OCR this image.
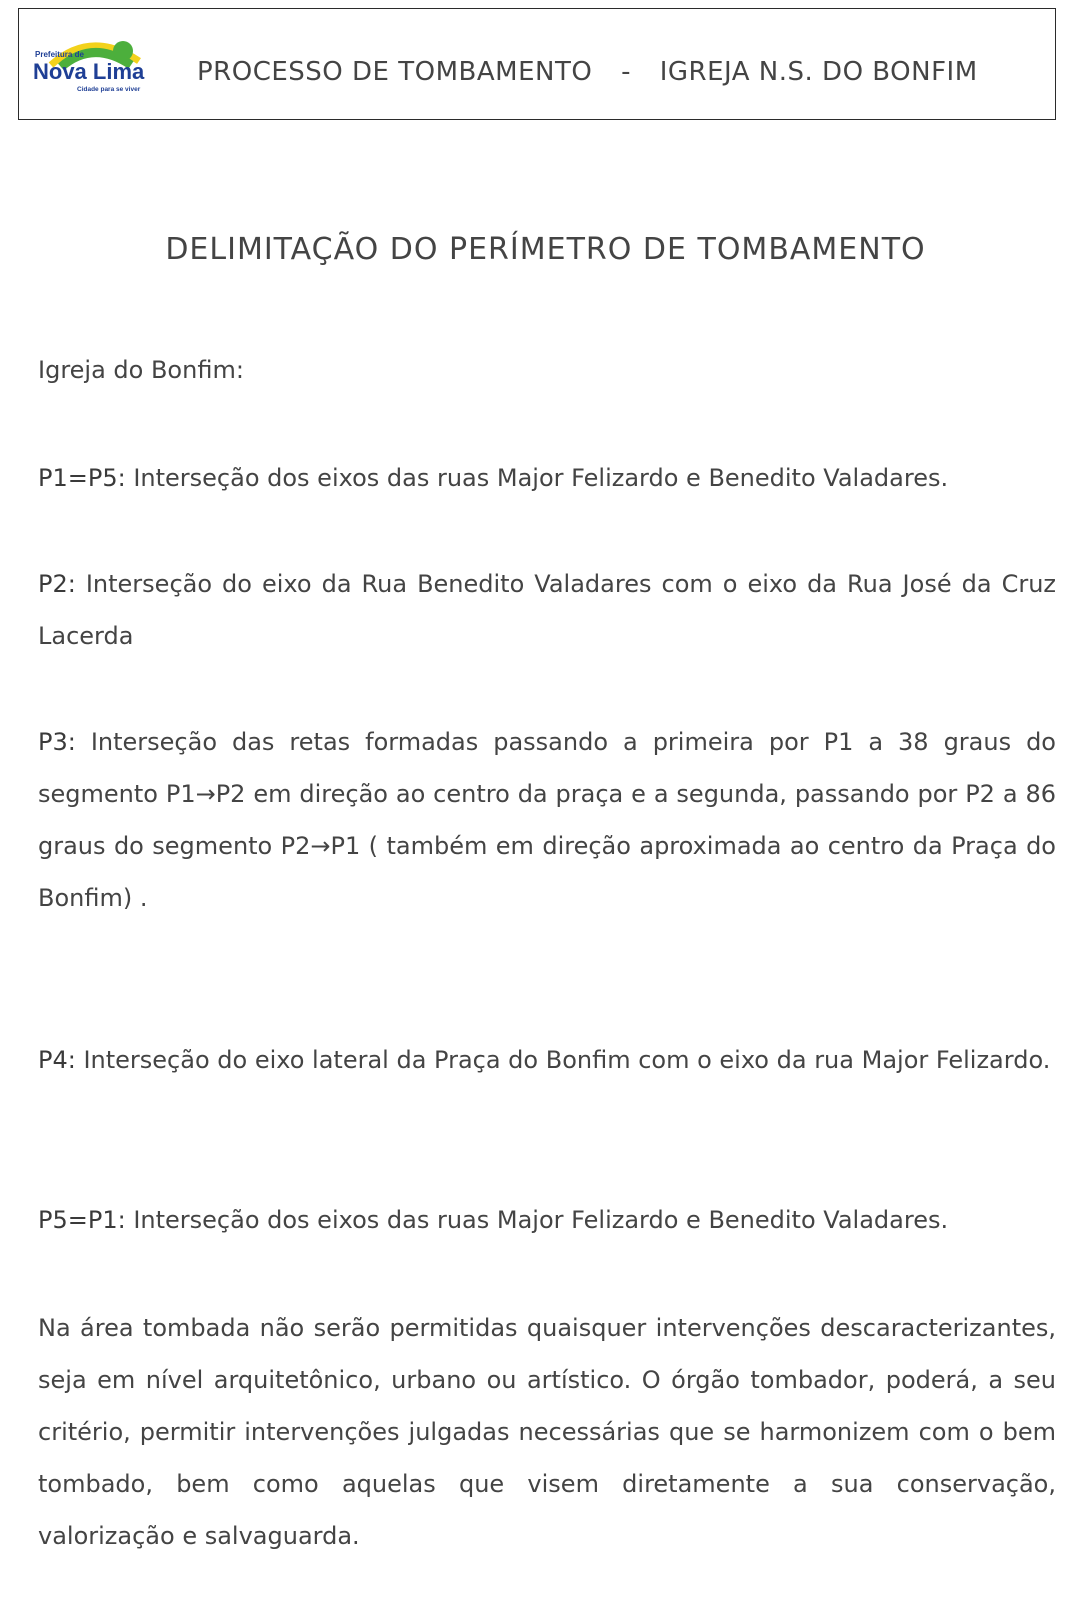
Prefeitura de
Nova Lima
Cidade para se viver
PROCESSO DE TOMBAMENTO - IGREJA N.S. DO BONFIM
DELIMITAÇÃO DO PERÍMETRO DE TOMBAMENTO
Igreja do Bonfim:
P1=P5: Interseção dos eixos das ruas Major Felizardo e Benedito Valadares.
P2: Interseção do eixo da Rua Benedito Valadares com o eixo da Rua José da Cruz Lacerda
P3: Interseção das retas formadas passando a primeira por P1 a 38 graus do segmento P1→P2 em direção ao centro da praça e a segunda, passando por P2 a 86 graus do segmento P2→P1 ( também em direção aproximada ao centro da Praça do Bonfim) .
P4: Interseção do eixo lateral da Praça do Bonfim com o eixo da rua Major Felizardo.
P5=P1: Interseção dos eixos das ruas Major Felizardo e Benedito Valadares.
Na área tombada não serão permitidas quaisquer intervenções descaracterizantes, seja em nível arquitetônico, urbano ou artístico. O órgão tombador, poderá, a seu critério, permitir intervenções julgadas necessárias que se harmonizem com o bem tombado, bem como aquelas que visem diretamente a sua conservação, valorização e salvaguarda.
